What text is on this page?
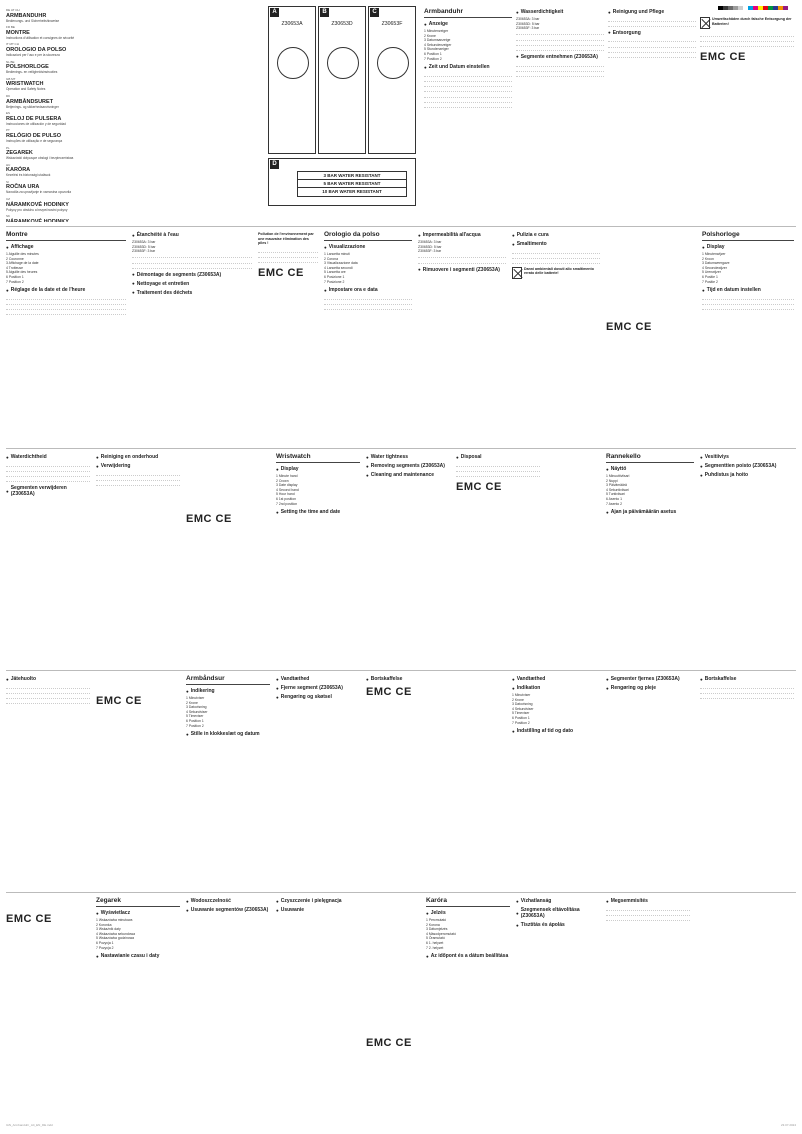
DE AT CH
ARMBANDUHR
Bedienungs- und Sicherheitshinweise
FR BE
MONTRE
Instructions d'utilisation et consignes de sécurité
IT MT CH
OROLOGIO DA POLSO
Indicazioni per l'uso e per la sicurezza
NL BE
POLSHORLOGE
Bedienings- en veiligheidsinstructies
GB MT
WRISTWATCH
Operation and Safety Notes
DK
ARMBÅNDSURET
Betjenings- og sikkerhedsanvisninger
ES
RELOJ DE PULSERA
Instrucciones de utilización y de seguridad
PT
RELÓGIO DE PULSO
Instruções de utilização e de segurança
PL
ZEGAREK
Wskazówki dotyczące obsługi i bezpieczeństwa
HU
KARÓRA
Kezelési és biztonsági utalások
SI
ROČNA URA
Navodila za upravljanje in varnostna opozorila
CZ
NÁRAMKOVÉ HODINKY
Pokyny pro obsluhu a bezpečnostní pokyny
SK
NÁRAMKOVÉ HODINKY
A
Z30653A
B
Z30653D
C
Z30653F
D
3 BAR WATER RESISTANT
5 BAR WATER RESISTANT
10 BAR WATER RESISTANT
Armbanduhr
● Anzeige
1 Minutenzeiger
2 Krone
3 Datumsanzeige
4 Sekundenzeiger
5 Stundenzeiger
6 Position 1
7 Position 2
● Zeit und Datum einstellen
● Wasserdichtigkeit
Z30653A: 3 bar
Z30653D: 5 bar
Z30653F: 3 bar
● Segmente entnehmen (Z30653A)
● Reinigung und Pflege
● Entsorgung
Umweltschäden durch falsche Entsorgung der Batterien!
EMC CE
Montre
● Affichage
1 Aiguille des minutes
2 Couronne
3 Affichage de la date
4 Trotteuse
5 Aiguille des heures
6 Position 1
7 Position 2
● Réglage de la date et de l'heure
● Étanchéité à l'eau
Z30653A: 3 bar
Z30653D: 5 bar
Z30653F: 3 bar
● Démontage de segments (Z30653A)
● Nettoyage et entretien
● Traitement des déchets
Pollution de l'environnement par une mauvaise élimination des piles !
EMC CE
Orologio da polso
● Visualizzazione
1 Lancetta minuti
2 Corona
3 Visualizzazione data
4 Lancetta secondi
5 Lancetta ore
6 Posizione 1
7 Posizione 2
● Impostare ora e data
● Impermeabilità all'acqua
Z30653A: 3 bar
Z30653D: 5 bar
Z30653F: 3 bar
● Rimuovere i segmenti (Z30653A)
● Pulizia e cura
● Smaltimento
Danni ambientali dovuti allo smaltimento errato delle batterie!
EMC CE
Polshorloge
● Display
1 Minutenwijzer
2 Kroon
3 Datumweergave
4 Secondewijzer
5 Urenwijzer
6 Positie 1
7 Positie 2
● Tijd en datum instellen
● Waterdichtheid
● Segmenten verwijderen (Z30653A)
● Reiniging en onderhoud
● Verwijdering
EMC CE
Wristwatch
● Display
1 Minute hand
2 Crown
3 Date display
4 Second hand
5 Hour hand
6 1st position
7 2nd position
● Setting the time and date
● Water tightness
● Removing segments (Z30653A)
● Cleaning and maintenance
● Disposal
EMC CE
Rannekello
● Näyttö
1 Minuuttiviisari
2 Nuppi
3 Päivämäärä
4 Sekuntiviisari
5 Tuntiviisari
6 Asento 1
7 Asento 2
● Ajan ja päivämäärän asetus
● Vesitiiviys
● Segmenttien poisto (Z30653A)
● Puhdistus ja hoito
● Jätehuolto
EMC CE
Armbåndsur
● Indikering
1 Minutviser
2 Krone
3 Datovisning
4 Sekundviser
5 Timeviser
6 Position 1
7 Position 2
● Stille in klokkeslæt og datum
● Vandtæthed
● Fjerne segment (Z30653A)
● Rengøring og skøtsel
● Bortskaffelse
EMC CE
● Vandtæthed
● Indikation
1 Minutviser
2 Krone
3 Datovisning
4 Sekundviser
5 Timeviser
6 Position 1
7 Position 2
● Indstilling af tid og dato
● Segmenter fjernes (Z30653A)
● Rengøring og pleje
● Bortskaffelse
EMC CE
Zegarek
● Wyświetlacz
1 Wskazówka minutowa
2 Koronka
3 Wskaźnik daty
4 Wskazówka sekundowa
5 Wskazówka godzinowa
6 Pozycja 1
7 Pozycja 2
● Nastawianie czasu i daty
● Wodoszczelność
● Usuwanie segmentów (Z30653A)
● Czyszczenie i pielęgnacja
● Usuwanie
EMC CE
Karóra
● Jelzés
1 Percmutató
2 Korona
3 Dátumjelzés
4 Másodpercmutató
5 Óramutató
6 1. helyzet
7 2. helyzet
● Az időpont és a dátum beállítása
● Vízhatlanság
● Szegmensek eltávolítása (Z30653A)
● Tisztítás és ápolás
● Megsemmisítés
IAN_Armbanduhr_A4_EN_DE.indd	23.07.2024
